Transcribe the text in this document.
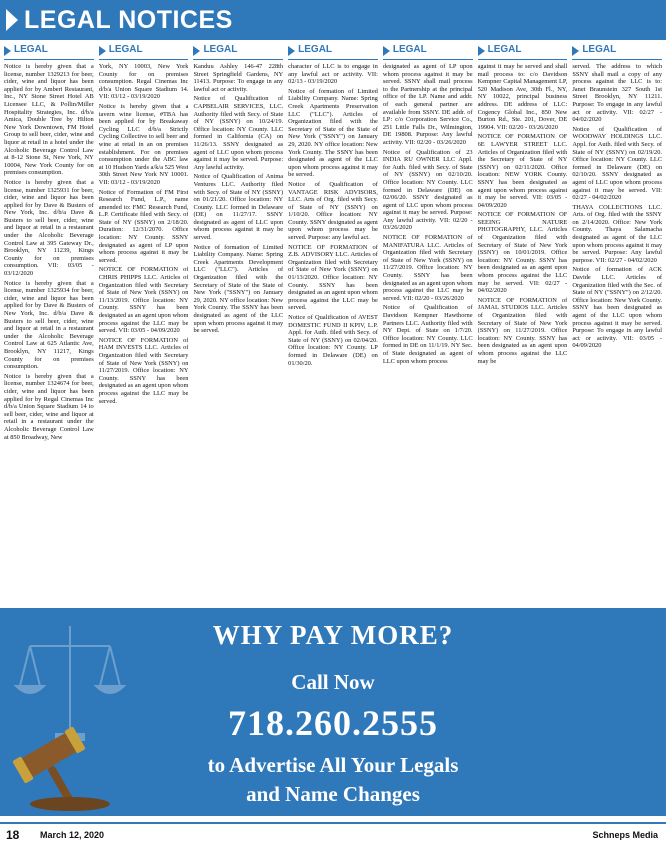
LEGAL NOTICES
LEGAL

Notice is hereby given that a license, number 1329213 for beer, cider, wine and liquor has been applied for by Amberi Restaurant, Inc., NY Stone Street Hotel AB Licensee LLC, & Pollin/Miller Hospitality Strategies, Inc. d/b/a Amica, Double Tree by Hilton New York Downtown, FM Hotel Group to sell beer, cider, wine and liquor at retail in a hotel under the Alcoholic Beverage Control Law at 8-12 Stone St, New York, NY 10004, New York County for on premises consumption.

Notice is hereby given that a license, number 1325931 for beer, cider, wine and liquor has been applied for by Dave & Busters of New York, Inc. d/b/a Dave & Busters to sell beer, cider, wine and liquor at retail in a restaurant under the Alcoholic Beverage Control Law at 395 Gateway Dr., Brooklyn, NY 11239, Kings County for on premises consumption. VII: 03/05 - 03/12/2020

Notice is hereby given that a license, number 1325934 for beer, cider, wine and liquor has been applied for by Dave & Busters of New York, Inc. d/b/a Dave & Busters to sell beer, cider, wine and liquor at retail in a restaurant under the Alcoholic Beverage Control Law at 625 Atlantic Ave, Brooklyn, NY 11217, Kings County for on premises consumption.

Notice is hereby given that a license, number 1324674 for beer, cider, wine and liquor has been applied for by Regal Cinemas Inc d/b/a Union Square Stadium 14 to sell beer, cider, wine and liquor at retail in a restaurant under the Alcoholic Beverage Control Law at 850 Broadway, New

LEGAL

York, NY 10003, New York County for on premises consumption. Regal Cinemas Inc d/b/a Union Square Stadium 14. VII: 03/12 - 03/19/2020

Notice is hereby given that a tavern wine license, #TBA has been applied for by Breakaway Cycling LLC d/b/a Strictly Cycling Collective to sell beer and wine at retail in an on premises establishment. For on premises consumption under the ABC law at 10 Hudson Yards a/k/a 525 West 30th Street New York NY 10001. VII: 03/12 - 03/19/2020

Notice of Formation of FM First Research Fund, L.P., name amended to: FMC Research Fund, L.P. Certificate filed with Secy. of State of NY (SSNY) on 2/18/20. Duration: 12/31/2070. Office location: NY County. SSNY designated as agent of LP upon whom process against it may be served.

NOTICE OF FORMATION of CHRIS PHIPPS LLC. Articles of Organization filed with Secretary of State of New York (SSNY) on 11/13/2019. Office location: NY County. SSNY has been designated as an agent upon whom process against the LLC may be served. VII: 03/05 - 04/09/2020

NOTICE OF FORMATION of HAM INVESTS LLC. Articles of Organization filed with Secretary of State of New York (SSNY) on 11/27/2019. Office location: NY County. SSNY has been designated as an agent upon whom process against the LLC may be served.

LEGAL

Kanduu Ashley 146-47 228th Street Springfield Gardens, NY 11413. Purpose: To engage in any lawful act or activity.

Notice of Qualification of CAPBELAIR SERVICES, LLC. Authority filed with Secy. of State of NY (SSNY) on 10/24/19. Office location: NY County. LLC formed in California (CA) on 11/26/13. SSNY designated as agent of LLC upon whom process against it may be served. Purpose: Any lawful activity.

Notice of Qualification of Anima Ventures LLC. Authority filed with Secy. of State of NY (SSNY) on 01/21/20. Office location: NY County. LLC formed in Delaware (DE) on 11/27/17. SSNY designated as agent of LLC upon whom process against it may be served.

Notice of formation of Limited Liability Company. Name: Spring Creek Apartments Development LLC ("LLC"). Articles of Organization filed with the Secretary of State of the State of New York ("SSNY") on January 29, 2020. NY office location: New York County. The SSNY has been designated as agent of the LLC upon whom process against it may be served.

LEGAL

character of LLC is to engage in any lawful act or activity. VII: 02/13 - 03/19/2020

Notice of formation of Limited Liability Company. Name: Spring Creek Apartments Preservation LLC ("LLC"). Articles of Organization filed with the Secretary of State of the State of New York ("SSNY") on January 29, 2020. NY office location: New York County. The SSNY has been designated as agent of the LLC upon whom process against it may be served.

Notice of Qualification of VANTAGE RISK ADVISORS, LLC. Arts of Org. filed with Secy. of State of NY (SSNY) on 1/10/20. Office location: NY County. SSNY designated as agent upon whom process may be served. Purpose: any lawful act.

NOTICE OF FORMATION of Z.B. ADVISORY LLC. Articles of Organization filed with Secretary of State of New York (SSNY) on 01/13/2020. Office location: NY County. SSNY has been designated as an agent upon whom process against the LLC may be served.

Notice of Qualification of AVEST DOMESTIC FUND II KPIV, L.P. Appl. for Auth. filed with Secy. of State of NY (SSNY) on 02/04/20. Office location: NY County. LP formed in Delaware (DE) on 01/30/20.

LEGAL

designated as agent of LP upon whom process against it may be served. SSNY shall mail process to the Partnership at the principal office of the LP. Name and addr. of each general partner are available from SSNY. DE addr. of LP: c/o Corporation Service Co., 251 Little Falls Dr., Wilmington, DE 19808. Purpose: Any lawful activity. VII: 02/20 - 03/26/2020

Notice of Qualification of 23 INDIA RU OWNER LLC Appl. for Auth. filed with Secy. of State of NY (SSNY) on 02/10/20. Office location: NY County. LLC formed in Delaware (DE) on 02/06/20. SSNY designated as agent of LLC upon whom process against it may be served. Purpose: Any lawful activity. VII: 02/20 - 03/26/2020

NOTICE OF FORMATION of MANIFATURA LLC. Articles of Organization filed with Secretary of State of New York (SSNY) on 11/27/2019. Office location: NY County. SSNY has been designated as an agent upon whom process against the LLC may be served. VII: 02/20 - 03/26/2020

Notice of Qualification of Davidson Kempner Hawthorne Partners LLC. Authority filed with NY Dept. of State on 1/7/20. Office location: NY County. LLC formed in DE on 11/1/19. NY Sec. of State designated as agent of LLC upon whom process

LEGAL

against it may be served and shall mail process to: c/o Davidson Kempner Capital Management LP, 520 Madison Ave, 30th Fl., NY, NY 10022, principal business address. DE address of LLC: Cogency Global Inc., 850 New Burton Rd., Ste. 201, Dover, DE 19904. VII: 02/20 - 03/26/2020

NOTICE OF FORMATION OF 6E LAWYER STREET LLC. Articles of Organization filed with the Secretary of State of NY (SSNY) on 02/11/2020. Office location: NEW YORK County. SSNY has been designated as agent upon whom process against it may be served. VII: 03/05 - 04/09/2020

NOTICE OF FORMATION OF SEEING NATURE PHOTOGRAPHY, LLC. Articles of Organization filed with Secretary of State of New York (SSNY) on 10/01/2019. Office location: NY County. SSNY has been designated as an agent upon whom process against the LLC may be served. VII: 02/27 - 04/02/2020

NOTICE OF FORMATION of JAMAL STUDIOS LLC. Articles of Organization filed with Secretary of State of New York (SSNY) on 11/27/2019. Office location: NY County. SSNY has been designated as an agent upon whom process against the LLC may be

LEGAL

served. The address to which SSNY shall mail a copy of any process against the LLC is to: Janet Braunstein 327 South 1st Street Brooklyn, NY 11211. Purpose: To engage in any lawful act or activity. VII: 02/27 - 04/02/2020

Notice of Qualification of WOODWAY HOLDINGS LLC. Appl. for Auth. filed with Secy. of State of NY (SSNY) on 02/19/20. Office location: NY County. LLC formed in Delaware (DE) on 02/10/20. SSNY designated as agent of LLC upon whom process against it may be served. VII: 02/27 - 04/02/2020

THAYA COLLECTIONS LLC. Arts. of Org. filed with the SSNY on 2/14/2020. Office: New York County. Thaya Salamacha designated as agent of the LLC upon whom process against it may be served. Purpose: Any lawful purpose. VII: 02/27 - 04/02/2020

Notice of formation of ACK Davide LLC. Articles of Organization filed with the Sec. of State of NY ("SSNY") on 2/12/20. Office location: New York County. SSNY has been designated as agent of the LLC upon whom process against it may be served. Purpose: To engage in any lawful act or activity. VII: 03/05 - 04/09/2020

WHY PAY MORE?
Call Now
718.260.2555
to Advertise All Your Legals
and Name Changes
18 March 12, 2020	Schneps Media
